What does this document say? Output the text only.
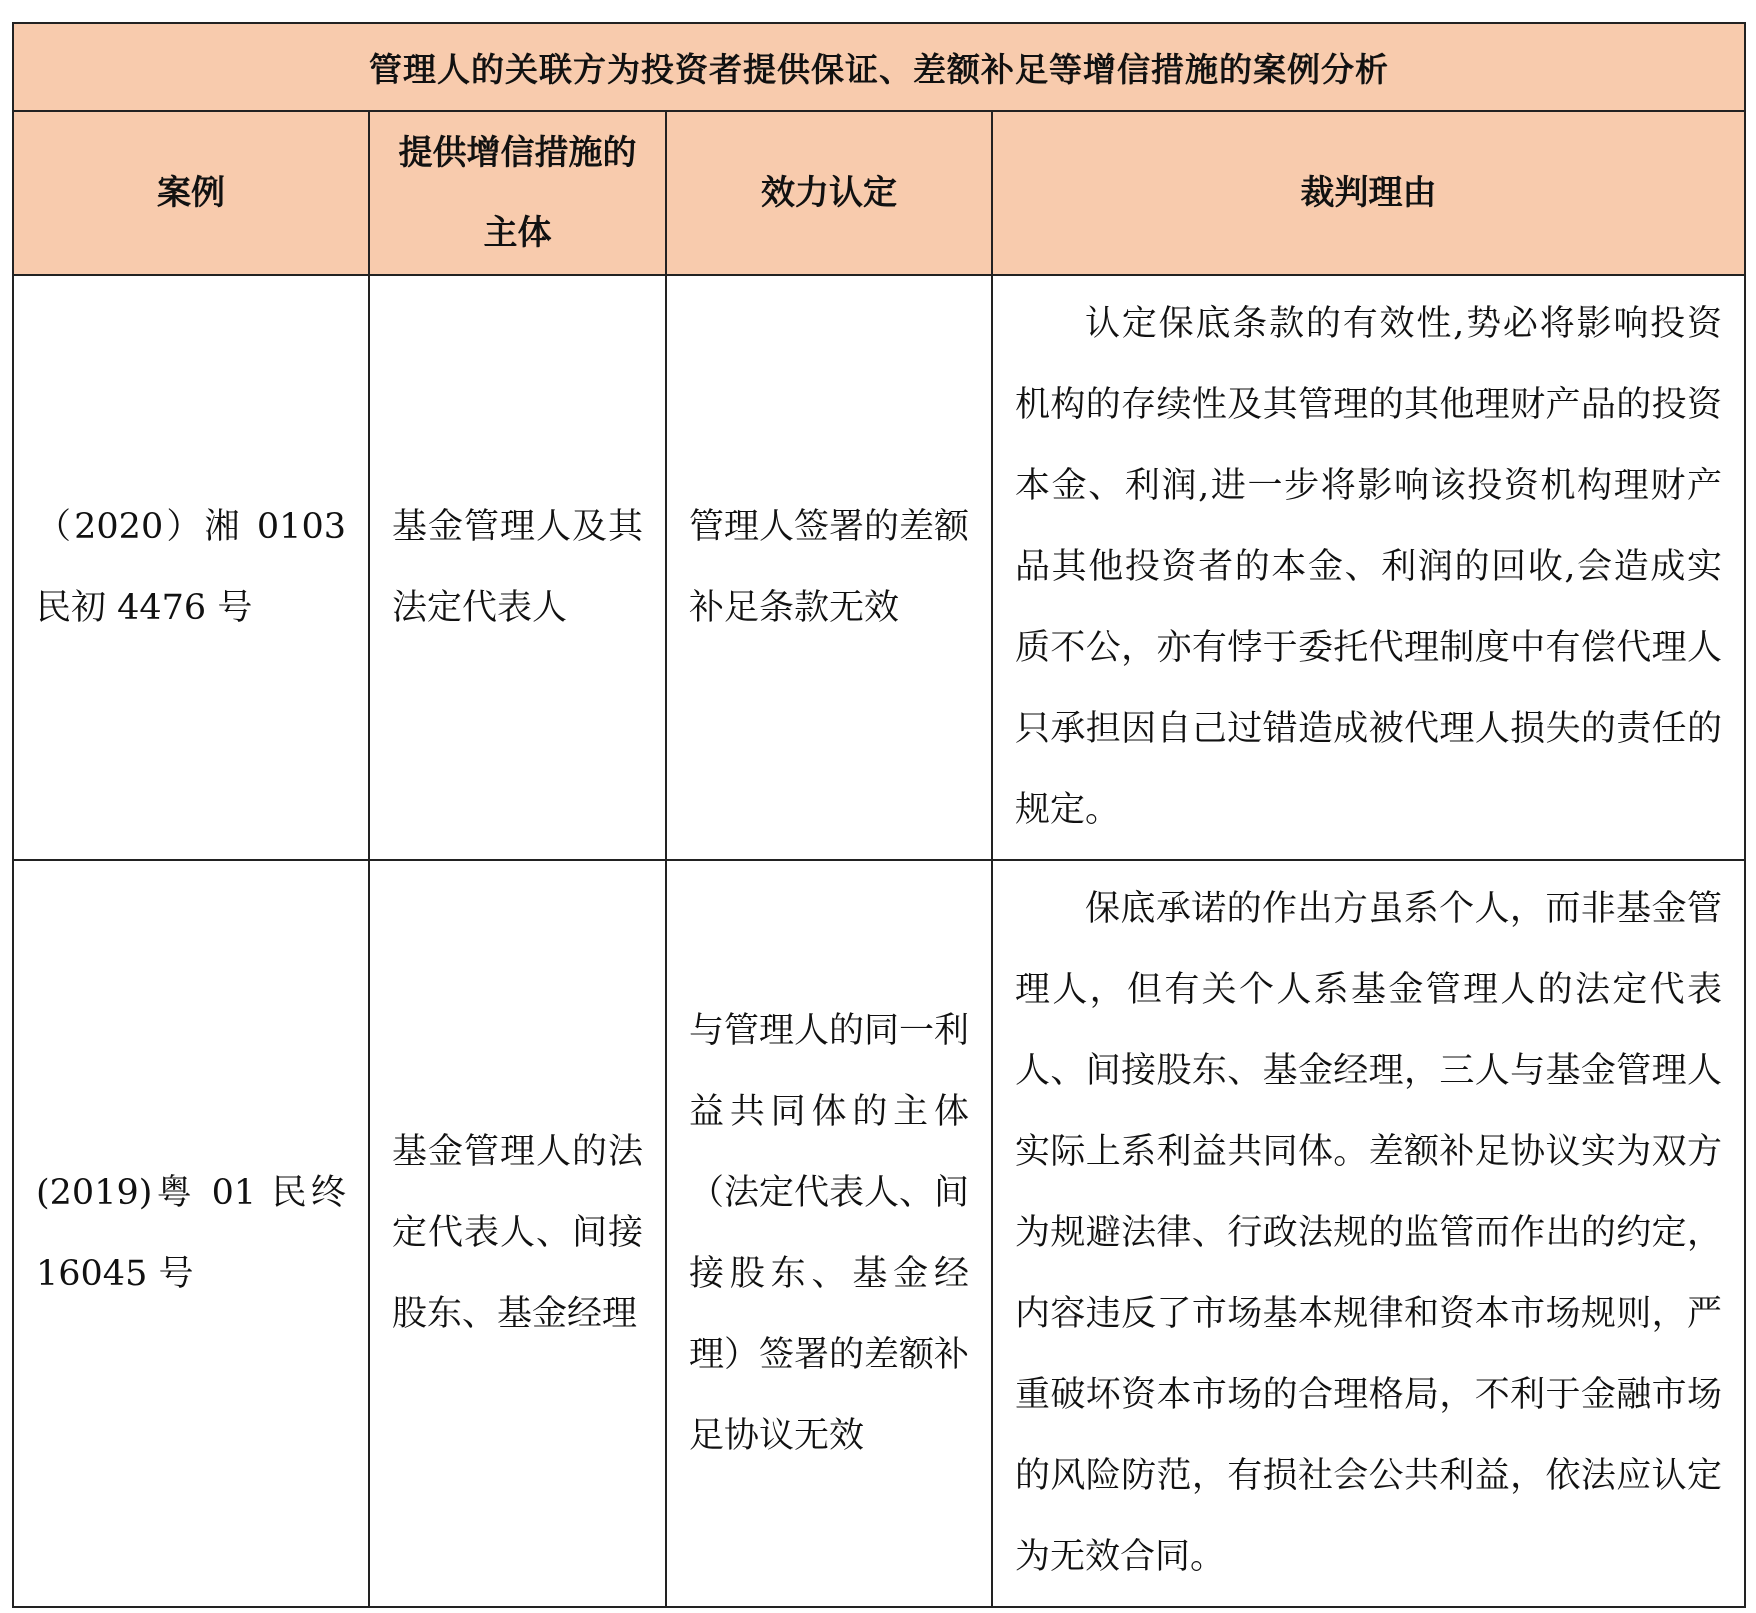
管理人的关联方为投资者提供保证、差额补足等增信措施的案例分析			
案例	提供增信措施的主体	效力认定	裁判理由
（2020）湘 0103 民初 4476 号	基金管理人及其法定代表人	管理人签署的差额补足条款无效	认定保底条款的有效性,势必将影响投资机构的存续性及其管理的其他理财产品的投资本金、利润,进一步将影响该投资机构理财产品其他投资者的本金、利润的回收,会造成实质不公，亦有悖于委托代理制度中有偿代理人只承担因自己过错造成被代理人损失的责任的规定。

(2019)粤 01 民终 16045 号	基金管理人的法定代表人、间接股东、基金经理	与管理人的同一利益共同体的主体（法定代表人、间接股东、基金经理）签署的差额补足协议无效	保底承诺的作出方虽系个人，而非基金管理人，但有关个人系基金管理人的法定代表人、间接股东、基金经理，三人与基金管理人实际上系利益共同体。差额补足协议实为双方为规避法律、行政法规的监管而作出的约定，内容违反了市场基本规律和资本市场规则，严重破坏资本市场的合理格局，不利于金融市场的风险防范，有损社会公共利益，依法应认定为无效合同。
